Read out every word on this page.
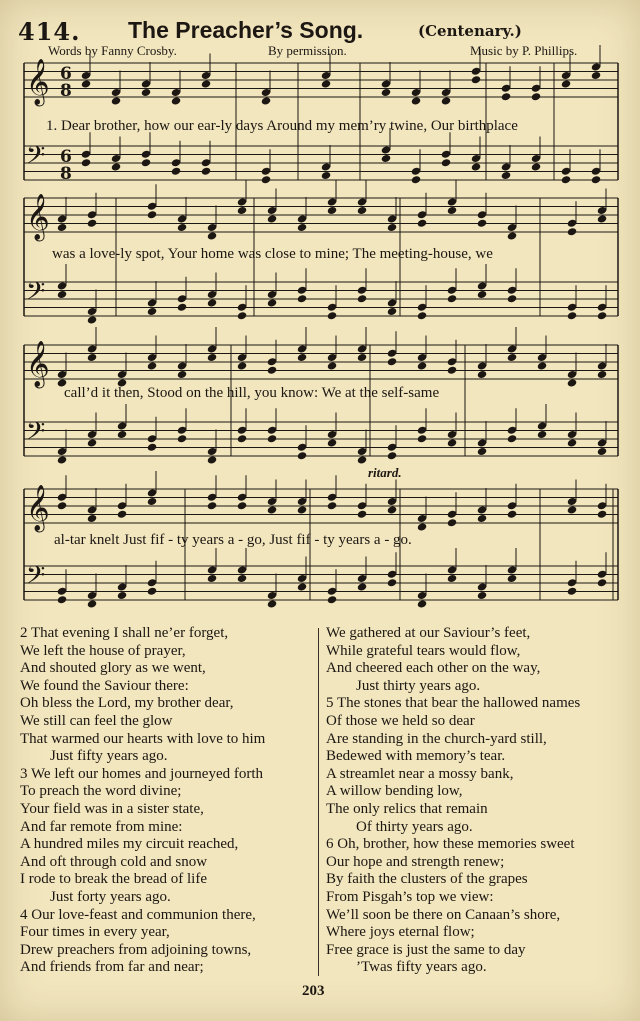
414. The Preacher’s Song.	(Centenary.)
Words by Fanny Crosby.	By permission.	Music by P. Phillips.
𝄞 6
8
𝄢 6
8
𝄞
𝄢
𝄞
𝄢
𝄞
𝄢
1. Dear brother, how our ear-ly days Around my mem’ry twine, Our birthplace
was a love-ly spot, Your home was close to mine; The meeting-house, we
call’d it then, Stood on the hill, you know: We at the self-same
al-tar knelt Just fif - ty years a - go, Just fif - ty years a - go.
ritard.
2 That evening I shall ne’er forget,
We left the house of prayer,
And shouted glory as we went,
We found the Saviour there:
Oh bless the Lord, my brother dear,
We still can feel the glow
That warmed our hearts with love to him
Just fifty years ago.
3 We left our homes and journeyed forth
To preach the word divine;
Your field was in a sister state,
And far remote from mine:
A hundred miles my circuit reached,
And oft through cold and snow
I rode to break the bread of life
Just forty years ago.
4 Our love-feast and communion there,
Four times in every year,
Drew preachers from adjoining towns,
And friends from far and near;
We gathered at our Saviour’s feet,
While grateful tears would flow,
And cheered each other on the way,
Just thirty years ago.
5 The stones that bear the hallowed names
Of those we held so dear
Are standing in the church-yard still,
Bedewed with memory’s tear.
A streamlet near a mossy bank,
A willow bending low,
The only relics that remain
Of thirty years ago.
6 Oh, brother, how these memories sweet
Our hope and strength renew;
By faith the clusters of the grapes
From Pisgah’s top we view:
We’ll soon be there on Canaan’s shore,
Where joys eternal flow;
Free grace is just the same to day
’Twas fifty years ago.
203
